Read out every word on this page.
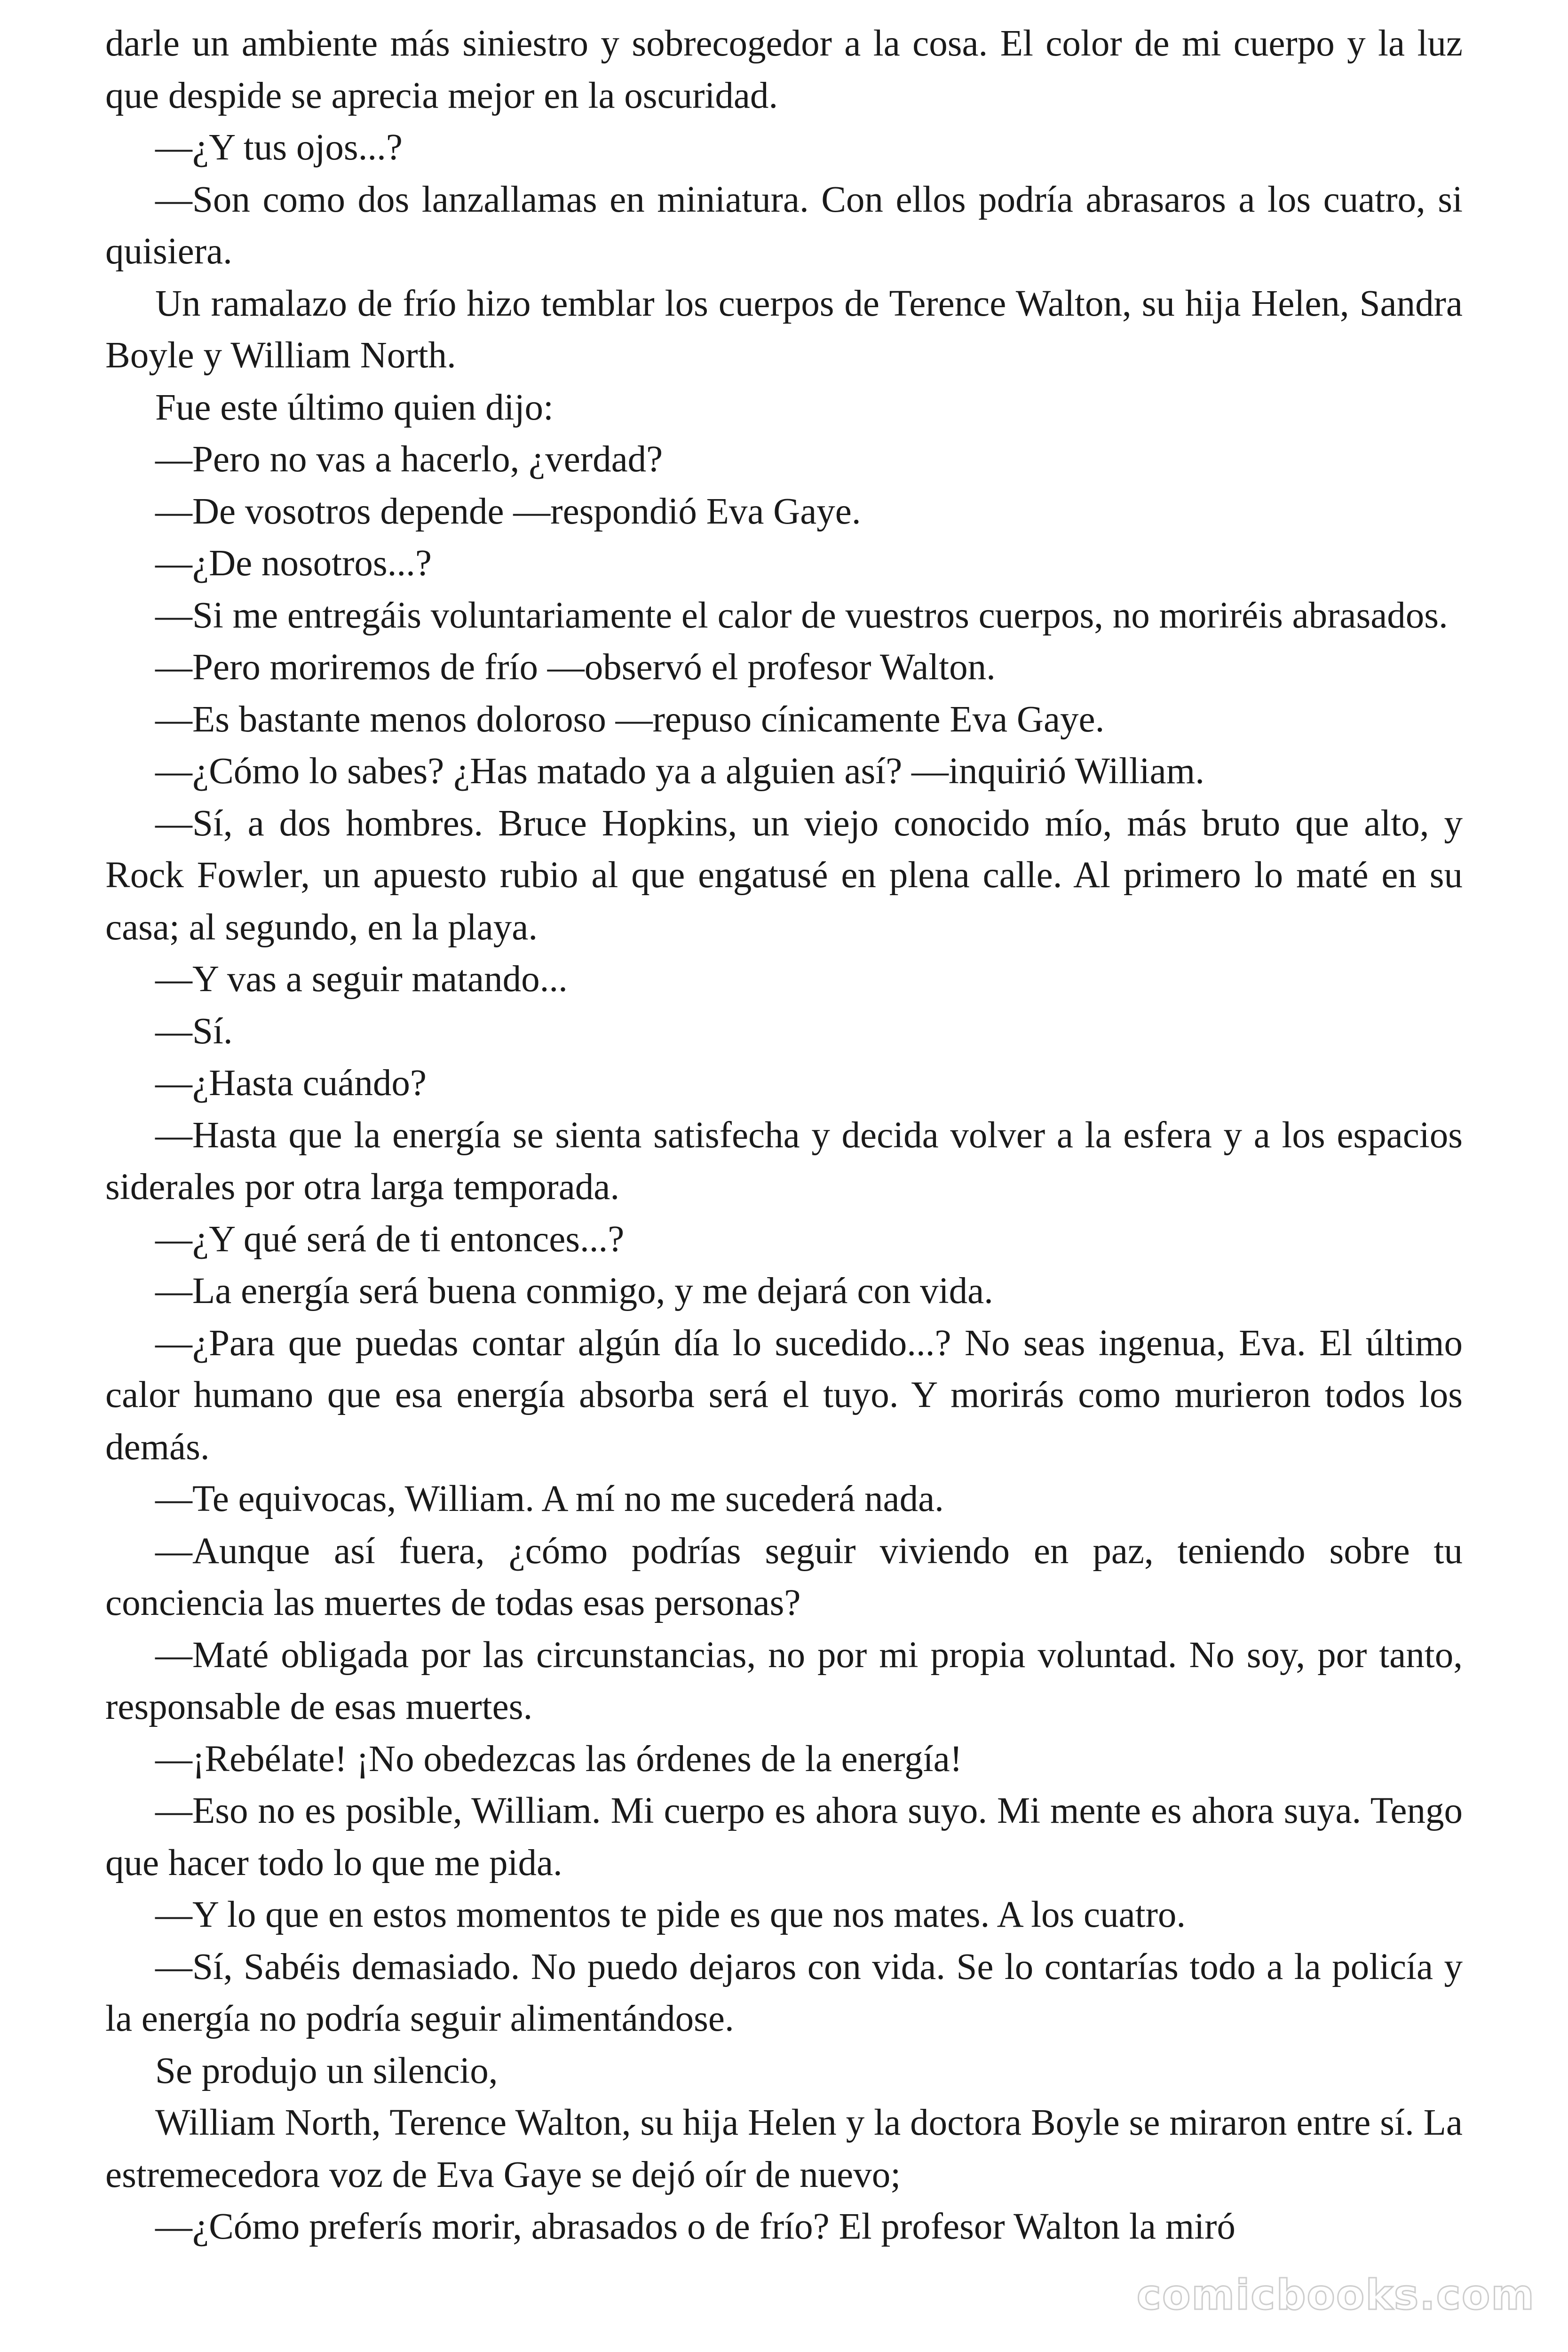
darle un ambiente más siniestro y sobrecogedor a la cosa. El color de mi cuerpo y la luz que despide se aprecia mejor en la oscuridad.

—¿Y tus ojos...?

—Son como dos lanzallamas en miniatura. Con ellos podría abrasaros a los cuatro, si quisiera.

Un ramalazo de frío hizo temblar los cuerpos de Terence Walton, su hija Helen, Sandra Boyle y William North.

Fue este último quien dijo:

—Pero no vas a hacerlo, ¿verdad?

—De vosotros depende —respondió Eva Gaye.

—¿De nosotros...?

—Si me entregáis voluntariamente el calor de vuestros cuerpos, no moriréis abrasados.

—Pero moriremos de frío —observó el profesor Walton.

—Es bastante menos doloroso —repuso cínicamente Eva Gaye.

—¿Cómo lo sabes? ¿Has matado ya a alguien así? —inquirió William.

—Sí, a dos hombres. Bruce Hopkins, un viejo conocido mío, más bruto que alto, y Rock Fowler, un apuesto rubio al que engatusé en plena calle. Al primero lo maté en su casa; al segundo, en la playa.

—Y vas a seguir matando...

—Sí.

—¿Hasta cuándo?

—Hasta que la energía se sienta satisfecha y decida volver a la esfera y a los espacios siderales por otra larga temporada.

—¿Y qué será de ti entonces...?

—La energía será buena conmigo, y me dejará con vida.

—¿Para que puedas contar algún día lo sucedido...? No seas ingenua, Eva. El último calor humano que esa energía absorba será el tuyo. Y morirás como murieron todos los demás.

—Te equivocas, William. A mí no me sucederá nada.

—Aunque así fuera, ¿cómo podrías seguir viviendo en paz, teniendo sobre tu conciencia las muertes de todas esas personas?

—Maté obligada por las circunstancias, no por mi propia voluntad. No soy, por tanto, responsable de esas muertes.

—¡Rebélate! ¡No obedezcas las órdenes de la energía!

—Eso no es posible, William. Mi cuerpo es ahora suyo. Mi mente es ahora suya. Tengo que hacer todo lo que me pida.

—Y lo que en estos momentos te pide es que nos mates. A los cuatro.

—Sí, Sabéis demasiado. No puedo dejaros con vida. Se lo contarías todo a la policía y la energía no podría seguir alimentándose.

Se produjo un silencio,

William North, Terence Walton, su hija Helen y la doctora Boyle se miraron entre sí. La estremecedora voz de Eva Gaye se dejó oír de nuevo;

—¿Cómo preferís morir, abrasados o de frío? El profesor Walton la miró

comicbooks.com
